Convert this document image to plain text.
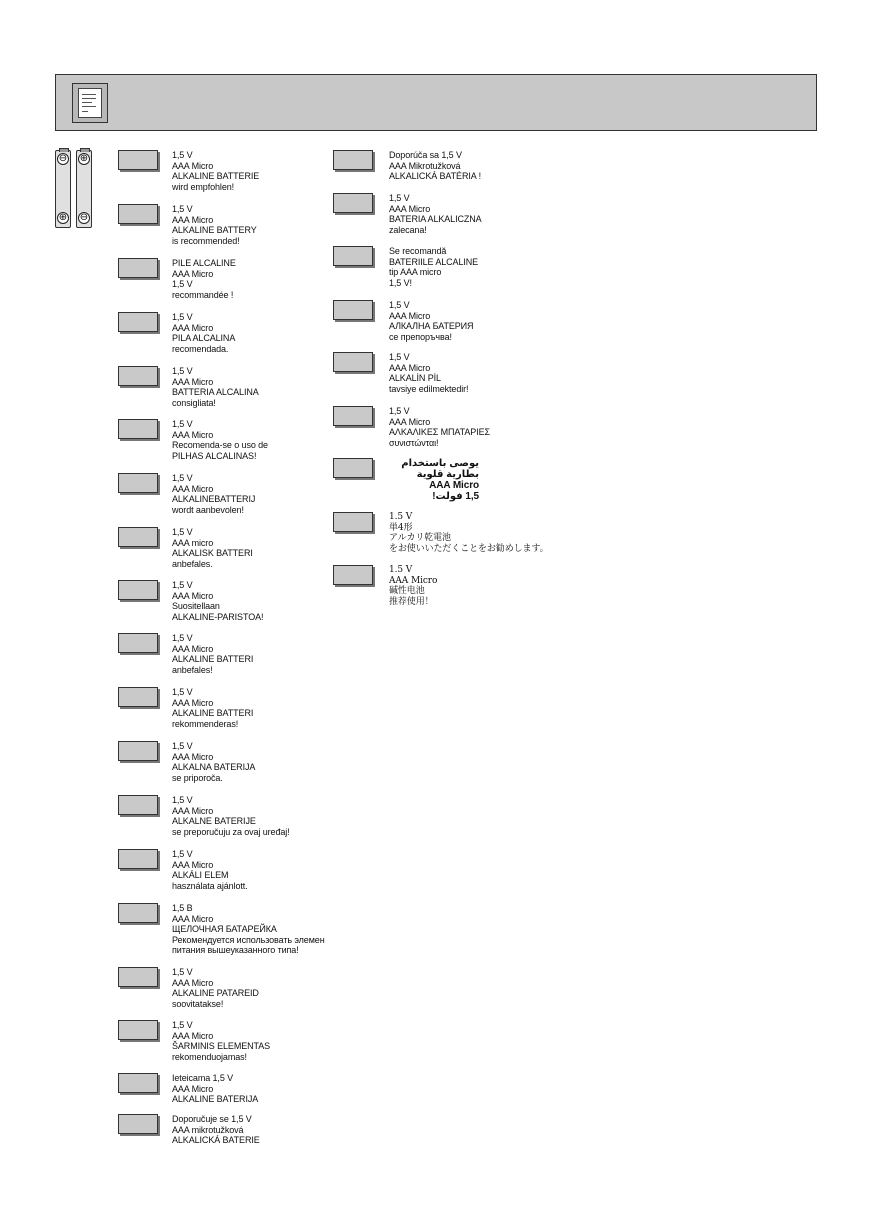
⊖
⊕
⊕
⊖
1,5 V
AAA Micro
ALKALINE BATTERIE
wird empfohlen!
1,5 V
AAA Micro
ALKALINE BATTERY
is recommended!
PILE ALCALINE
AAA Micro
1,5 V
recommandée !
1,5 V
AAA Micro
PILA ALCALINA
recomendada.
1,5 V
AAA Micro
BATTERIA ALCALINA
consigliata!
1,5 V
AAA Micro
Recomenda-se o uso de
PILHAS ALCALINAS!
1,5 V
AAA Micro
ALKALINEBATTERIJ
wordt aanbevolen!
1,5 V
AAA micro
ALKALISK BATTERI
anbefales.
1,5 V
AAA Micro
Suositellaan
ALKALINE-PARISTOA!
1,5 V
AAA Micro
ALKALINE BATTERI
anbefales!
1,5 V
AAA Micro
ALKALINE BATTERI
rekommenderas!
1,5 V
AAA Micro
ALKALNA BATERIJA
se priporoča.
1,5 V
AAA Micro
ALKALNE BATERIJE
se preporučuju za ovaj uređaj!
1,5 V
AAA Micro
ALKÁLI ELEM
használata ajánlott.
1,5 В
AAA Micro
ЩЕЛОЧНАЯ БАТАРЕЙКА
Рекомендуется использовать элемен
питания вышеуказанного типа!
1,5 V
AAA Micro
ALKALINE PATAREID
soovitatakse!
1,5 V
AAA Micro
ŠARMINIS ELEMENTAS
rekomenduojamas!
Ieteicama 1,5 V
AAA Micro
ALKALINE BATERIJA
Doporučuje se 1,5 V
AAA mikrotužková
ALKALICKÁ BATERIE
Doporúča sa 1,5 V
AAA Mikrotužková
ALKALICKÁ BATÉRIA !
1,5 V
AAA Micro
BATERIA ALKALICZNA
zalecana!
Se recomandă
BATERIILE ALCALINE
tip AAA micro
1,5 V!
1,5 V
AAA Micro
АЛКАЛНА БАТЕРИЯ
се препоръчва!
1,5 V
AAA Micro
ALKALİN PİL
tavsiye edilmektedir!
1,5 V
AAA Micro
ΑΛΚΑΛΙΚΕΣ ΜΠΑΤΑΡΙΕΣ
συνιστώνται!
يوصى باستخدام
بطارية قلوية
AAA Micro
1,5 فولت!
1.5 V
単4形
アルカリ乾電池
をお使いいただくことをお勧めします。
1.5 V
AAA Micro
碱性电池
推荐使用！
